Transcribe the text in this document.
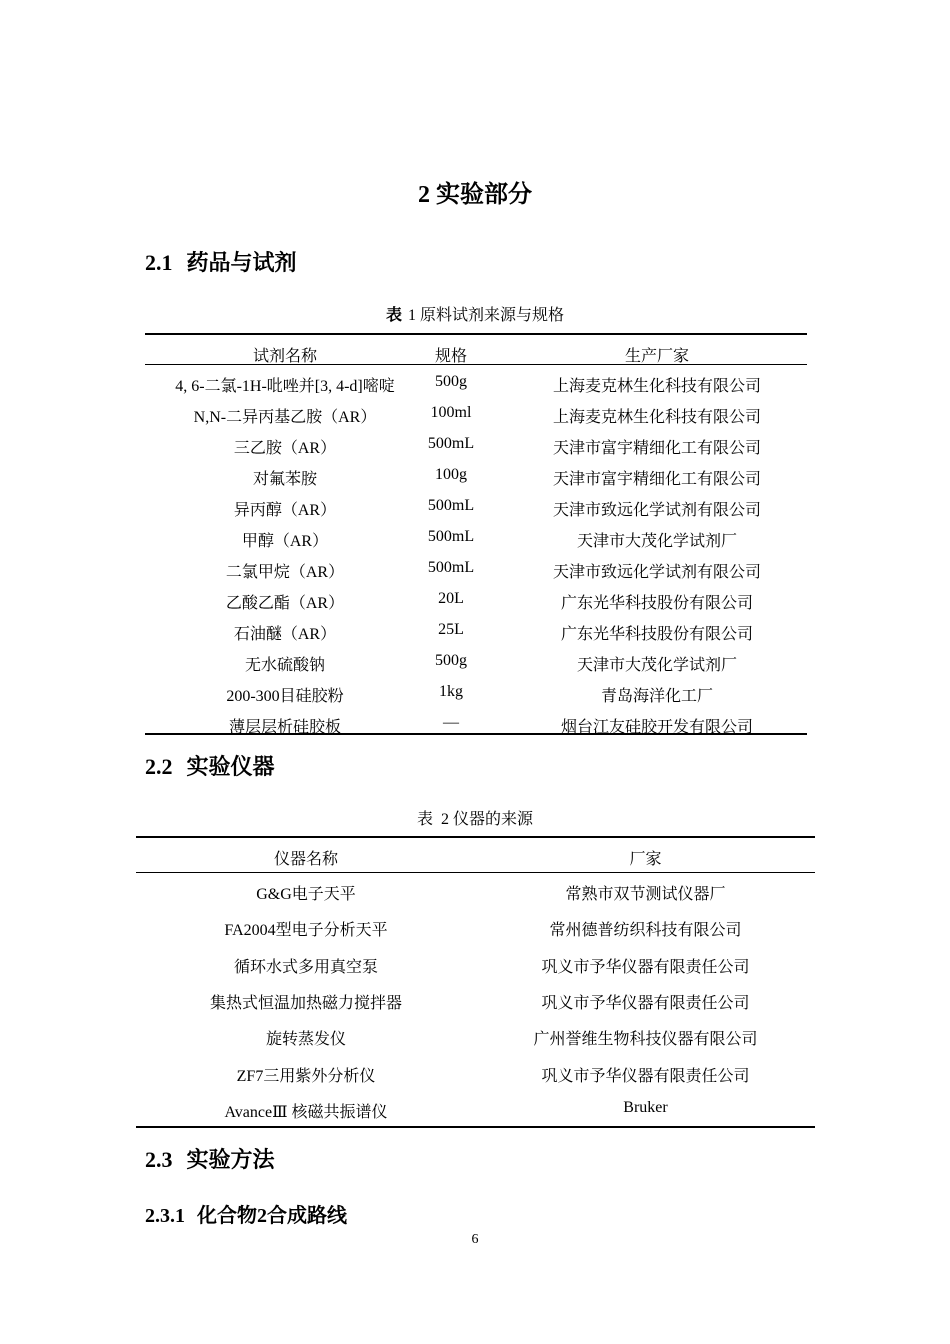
2 实验部分
2.1 药品与试剂
表 1 原料试剂来源与规格
试剂名称	规格	生产厂家
4, 6-二氯-1H-吡唑并[3, 4-d]嘧啶	500g	上海麦克林生化科技有限公司
N,N-二异丙基乙胺（AR）	100ml	上海麦克林生化科技有限公司
三乙胺（AR）	500mL	天津市富宇精细化工有限公司
对氟苯胺	100g	天津市富宇精细化工有限公司
异丙醇（AR）	500mL	天津市致远化学试剂有限公司
甲醇（AR）	500mL	天津市大茂化学试剂厂
二氯甲烷（AR）	500mL	天津市致远化学试剂有限公司
乙酸乙酯（AR）	20L	广东光华科技股份有限公司
石油醚（AR）	25L	广东光华科技股份有限公司
无水硫酸钠	500g	天津市大茂化学试剂厂
200-300目硅胶粉	1kg	青岛海洋化工厂
薄层层析硅胶板	—	烟台江友硅胶开发有限公司
2.2 实验仪器
表 2 仪器的来源
仪器名称	厂家
G&G电子天平	常熟市双节测试仪器厂
FA2004型电子分析天平	常州德普纺织科技有限公司
循环水式多用真空泵	巩义市予华仪器有限责任公司
集热式恒温加热磁力搅拌器	巩义市予华仪器有限责任公司
旋转蒸发仪	广州誉维生物科技仪器有限公司
ZF7三用紫外分析仪	巩义市予华仪器有限责任公司
AvanceⅢ 核磁共振谱仪	Bruker
2.3 实验方法
2.3.1 化合物2合成路线
6
